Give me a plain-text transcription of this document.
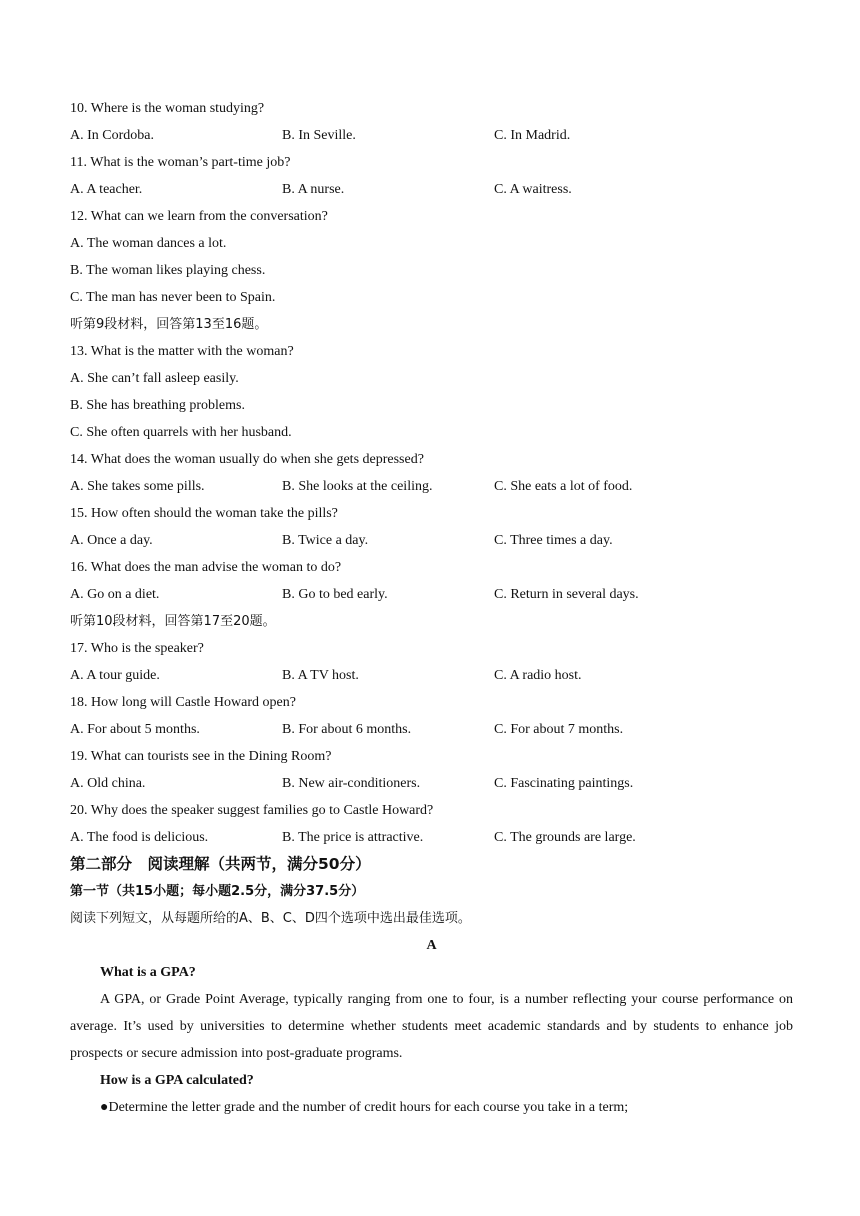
10. Where is the woman studying?
A. In Cordoba.	B. In Seville.	C. In Madrid.
11. What is the woman’s part-time job?
A. A teacher.	B. A nurse.	C. A waitress.
12. What can we learn from the conversation?
A. The woman dances a lot.
B. The woman likes playing chess.
C. The man has never been to Spain.
听第9段材料，回答第13至16题。
13. What is the matter with the woman?
A. She can’t fall asleep easily.
B. She has breathing problems.
C. She often quarrels with her husband.
14. What does the woman usually do when she gets depressed?
A. She takes some pills.	B. She looks at the ceiling.	C. She eats a lot of food.
15. How often should the woman take the pills?
A. Once a day.	B. Twice a day.	C. Three times a day.
16. What does the man advise the woman to do?
A. Go on a diet.	B. Go to bed early.	C. Return in several days.
听第10段材料，回答第17至20题。
17. Who is the speaker?
A. A tour guide.	B. A TV host.	C. A radio host.
18. How long will Castle Howard open?
A. For about 5 months.	B. For about 6 months.	C. For about 7 months.
19. What can tourists see in the Dining Room?
A. Old china.	B. New air-conditioners.	C. Fascinating paintings.
20. Why does the speaker suggest families go to Castle Howard?
A. The food is delicious.	B. The price is attractive.	C. The grounds are large.
第二部分　阅读理解（共两节，满分50分）
第一节（共15小题；每小题2.5分，满分37.5分）
阅读下列短文，从每题所给的A、B、C、D四个选项中选出最佳选项。
A
What is a GPA?
A GPA, or Grade Point Average, typically ranging from one to four, is a number reflecting your course performance on average. It’s used by universities to determine whether students meet academic standards and by students to enhance job prospects or secure admission into post-graduate programs.
How is a GPA calculated?
●Determine the letter grade and the number of credit hours for each course you take in a term;
